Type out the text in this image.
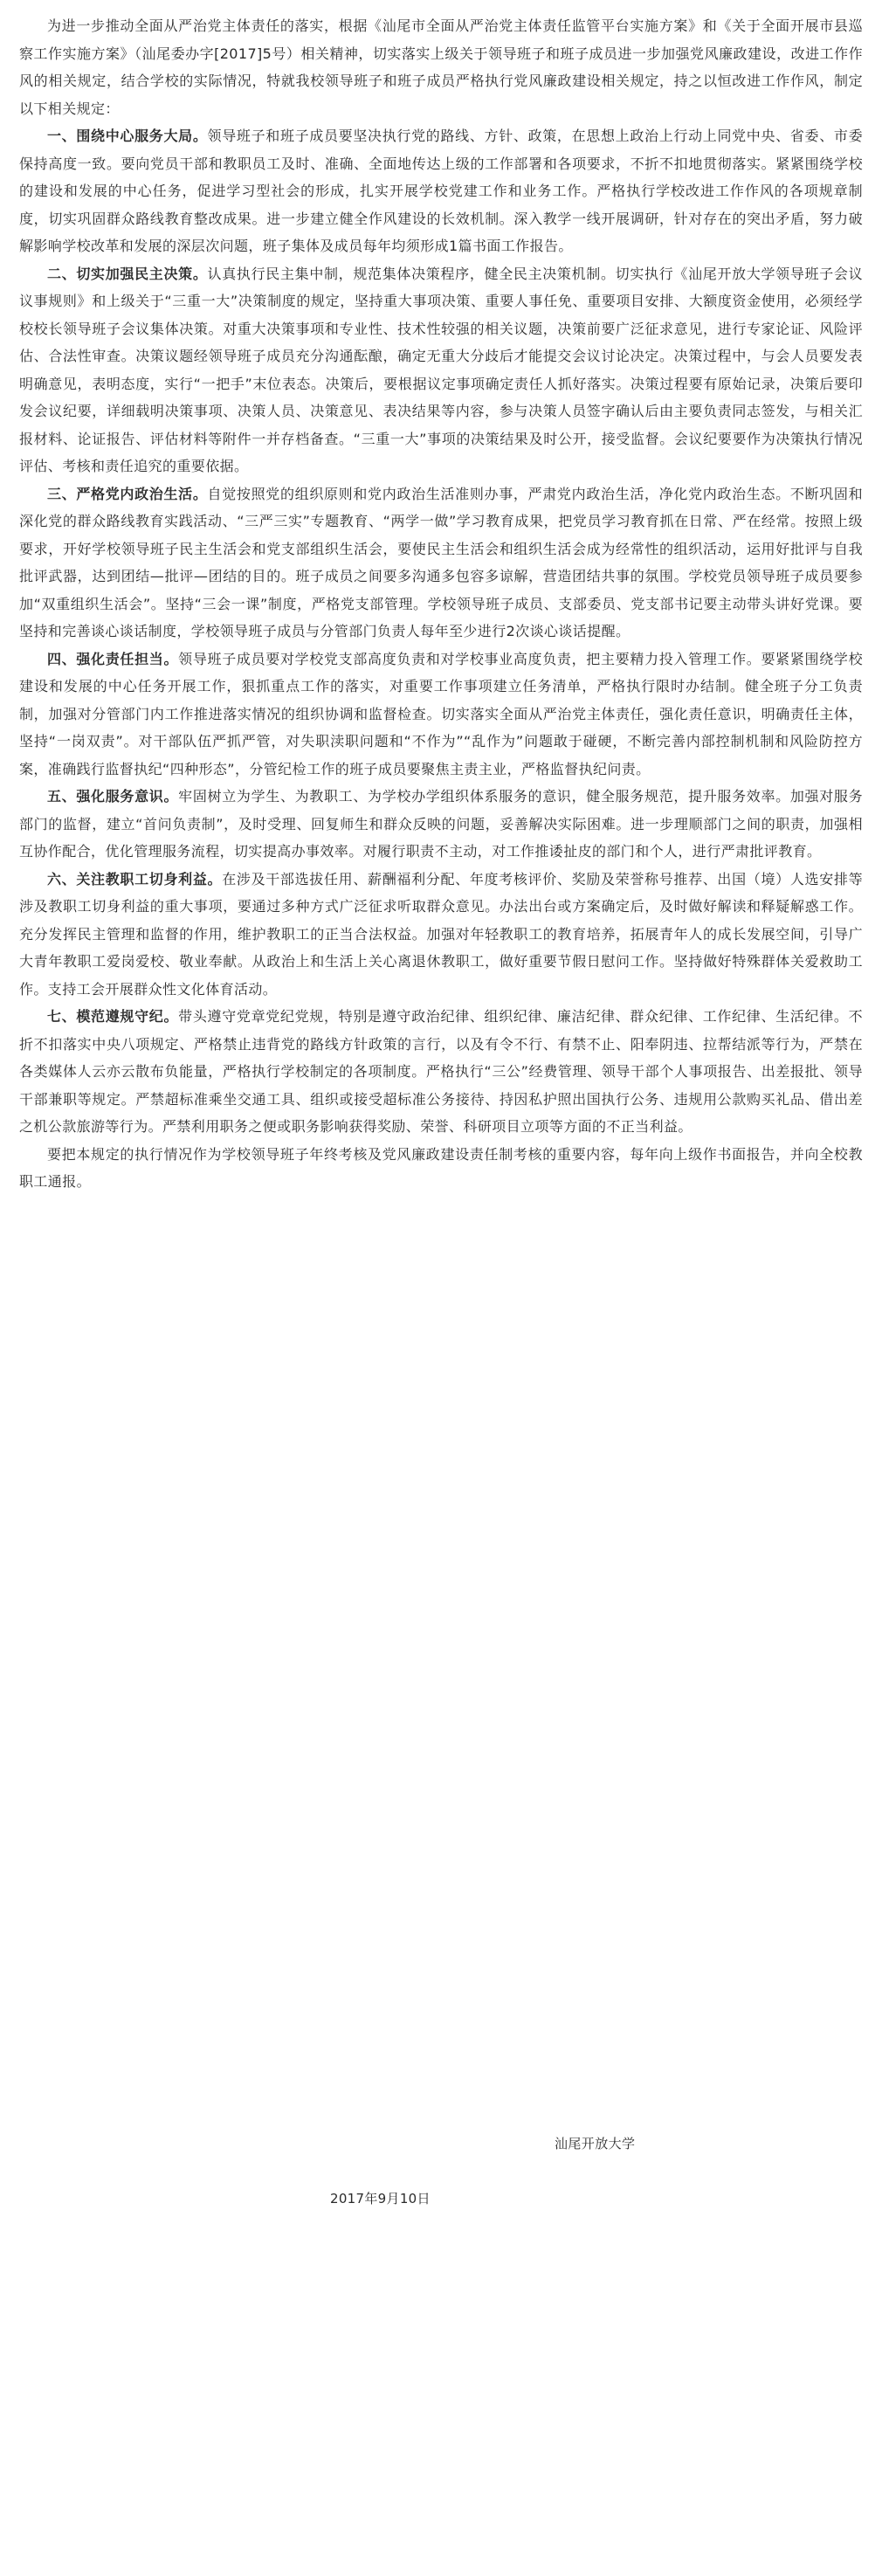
为进一步推动全面从严治党主体责任的落实，根据《汕尾市全面从严治党主体责任监管平台实施方案》和《关于全面开展市县巡察工作实施方案》（汕尾委办字[2017]5号）相关精神，切实落实上级关于领导班子和班子成员进一步加强党风廉政建设，改进工作作风的相关规定，结合学校的实际情况，特就我校领导班子和班子成员严格执行党风廉政建设相关规定，持之以恒改进工作作风，制定以下相关规定：

一、围绕中心服务大局。领导班子和班子成员要坚决执行党的路线、方针、政策，在思想上政治上行动上同党中央、省委、市委保持高度一致。要向党员干部和教职员工及时、准确、全面地传达上级的工作部署和各项要求，不折不扣地贯彻落实。紧紧围绕学校的建设和发展的中心任务，促进学习型社会的形成，扎实开展学校党建工作和业务工作。严格执行学校改进工作作风的各项规章制度，切实巩固群众路线教育整改成果。进一步建立健全作风建设的长效机制。深入教学一线开展调研，针对存在的突出矛盾，努力破解影响学校改革和发展的深层次问题，班子集体及成员每年均须形成1篇书面工作报告。

二、切实加强民主决策。认真执行民主集中制，规范集体决策程序，健全民主决策机制。切实执行《汕尾开放大学领导班子会议议事规则》和上级关于“三重一大”决策制度的规定，坚持重大事项决策、重要人事任免、重要项目安排、大额度资金使用，必须经学校校长领导班子会议集体决策。对重大决策事项和专业性、技术性较强的相关议题，决策前要广泛征求意见，进行专家论证、风险评估、合法性审查。决策议题经领导班子成员充分沟通酝酿，确定无重大分歧后才能提交会议讨论决定。决策过程中，与会人员要发表明确意见，表明态度，实行“一把手”末位表态。决策后，要根据议定事项确定责任人抓好落实。决策过程要有原始记录，决策后要印发会议纪要，详细载明决策事项、决策人员、决策意见、表决结果等内容，参与决策人员签字确认后由主要负责同志签发，与相关汇报材料、论证报告、评估材料等附件一并存档备查。“三重一大”事项的决策结果及时公开，接受监督。会议纪要要作为决策执行情况评估、考核和责任追究的重要依据。

三、严格党内政治生活。自觉按照党的组织原则和党内政治生活准则办事，严肃党内政治生活，净化党内政治生态。不断巩固和深化党的群众路线教育实践活动、“三严三实”专题教育、“两学一做”学习教育成果，把党员学习教育抓在日常、严在经常。按照上级要求，开好学校领导班子民主生活会和党支部组织生活会，要使民主生活会和组织生活会成为经常性的组织活动，运用好批评与自我批评武器，达到团结—批评—团结的目的。班子成员之间要多沟通多包容多谅解，营造团结共事的氛围。学校党员领导班子成员要参加“双重组织生活会”。坚持“三会一课”制度，严格党支部管理。学校领导班子成员、支部委员、党支部书记要主动带头讲好党课。要坚持和完善谈心谈话制度，学校领导班子成员与分管部门负责人每年至少进行2次谈心谈话提醒。

四、强化责任担当。领导班子成员要对学校党支部高度负责和对学校事业高度负责，把主要精力投入管理工作。要紧紧围绕学校建设和发展的中心任务开展工作，狠抓重点工作的落实，对重要工作事项建立任务清单，严格执行限时办结制。健全班子分工负责制，加强对分管部门内工作推进落实情况的组织协调和监督检查。切实落实全面从严治党主体责任，强化责任意识，明确责任主体，坚持“一岗双责”。对干部队伍严抓严管，对失职渎职问题和“不作为”“乱作为”问题敢于碰硬，不断完善内部控制机制和风险防控方案，准确践行监督执纪“四种形态”，分管纪检工作的班子成员要聚焦主责主业，严格监督执纪问责。

五、强化服务意识。牢固树立为学生、为教职工、为学校办学组织体系服务的意识，健全服务规范，提升服务效率。加强对服务部门的监督，建立“首问负责制”，及时受理、回复师生和群众反映的问题，妥善解决实际困难。进一步理顺部门之间的职责，加强相互协作配合，优化管理服务流程，切实提高办事效率。对履行职责不主动，对工作推诿扯皮的部门和个人，进行严肃批评教育。

六、关注教职工切身利益。在涉及干部选拔任用、薪酬福利分配、年度考核评价、奖励及荣誉称号推荐、出国（境）人选安排等涉及教职工切身利益的重大事项，要通过多种方式广泛征求听取群众意见。办法出台或方案确定后，及时做好解读和释疑解惑工作。充分发挥民主管理和监督的作用，维护教职工的正当合法权益。加强对年轻教职工的教育培养，拓展青年人的成长发展空间，引导广大青年教职工爱岗爱校、敬业奉献。从政治上和生活上关心离退休教职工，做好重要节假日慰问工作。坚持做好特殊群体关爱救助工作。支持工会开展群众性文化体育活动。

七、模范遵规守纪。带头遵守党章党纪党规，特别是遵守政治纪律、组织纪律、廉洁纪律、群众纪律、工作纪律、生活纪律。不折不扣落实中央八项规定、严格禁止违背党的路线方针政策的言行，以及有令不行、有禁不止、阳奉阴违、拉帮结派等行为，严禁在各类媒体人云亦云散布负能量，严格执行学校制定的各项制度。严格执行“三公”经费管理、领导干部个人事项报告、出差报批、领导干部兼职等规定。严禁超标准乘坐交通工具、组织或接受超标准公务接待、持因私护照出国执行公务、违规用公款购买礼品、借出差之机公款旅游等行为。严禁利用职务之便或职务影响获得奖励、荣誉、科研项目立项等方面的不正当利益。

要把本规定的执行情况作为学校领导班子年终考核及党风廉政建设责任制考核的重要内容，每年向上级作书面报告，并向全校教职工通报。

汕尾开放大学
2017年9月10日
